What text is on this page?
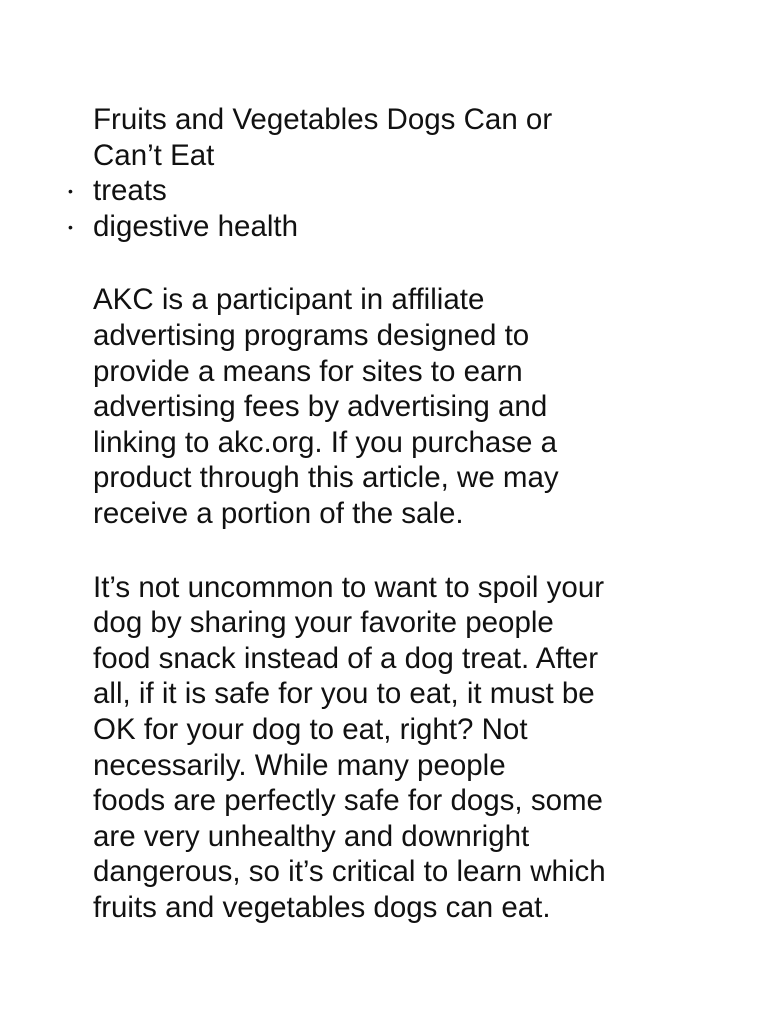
Fruits and Vegetables Dogs Can or
Can’t Eat
• treats
• digestive health

AKC is a participant in affiliate
advertising programs designed to
provide a means for sites to earn
advertising fees by advertising and
linking to akc.org. If you purchase a
product through this article, we may
receive a portion of the sale.

It’s not uncommon to want to spoil your
dog by sharing your favorite people
food snack instead of a dog treat. After
all, if it is safe for you to eat, it must be
OK for your dog to eat, right? Not
necessarily. While many people
foods are perfectly safe for dogs, some
are very unhealthy and downright
dangerous, so it’s critical to learn which
fruits and vegetables dogs can eat.
